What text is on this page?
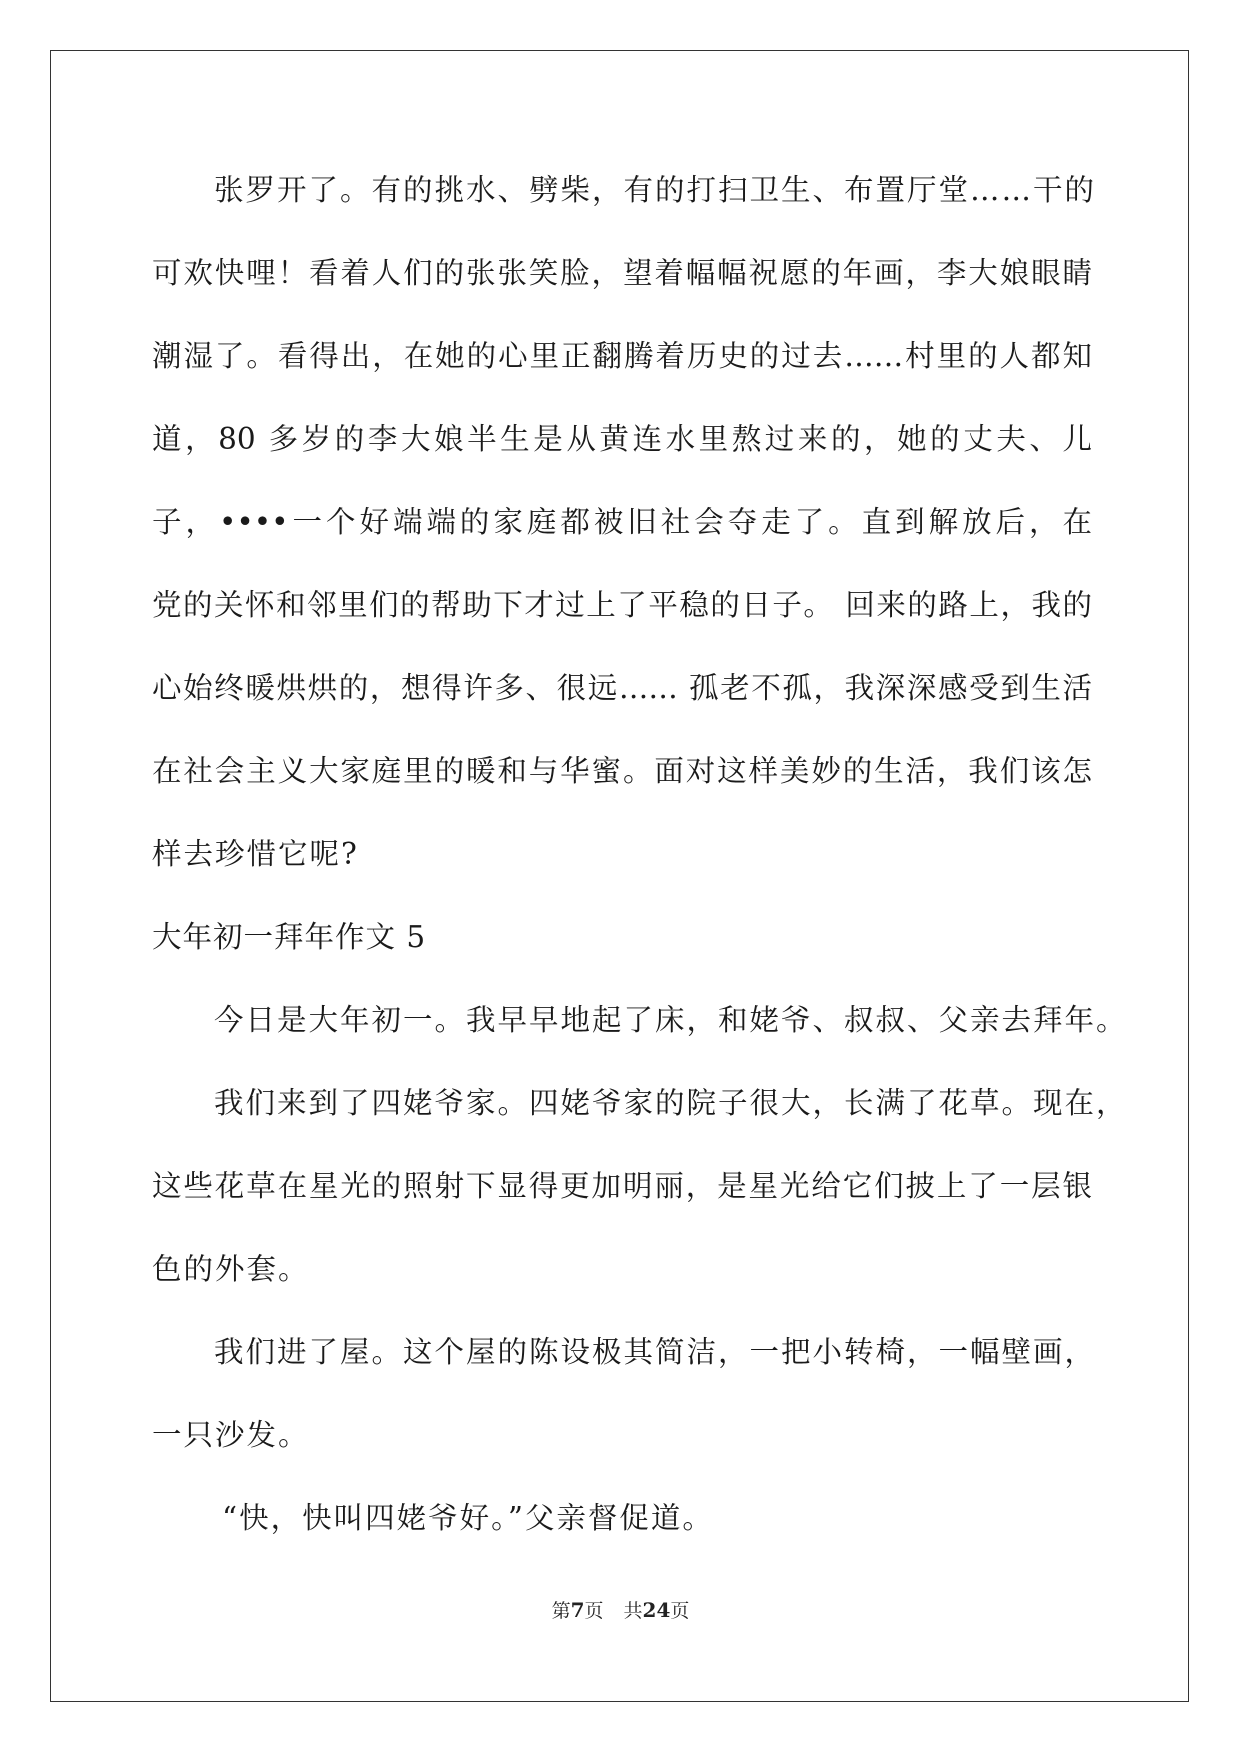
张罗开了。有的挑水、劈柴，有的打扫卫生、布置厅堂……干的
可欢快哩！看着人们的张张笑脸，望着幅幅祝愿的年画，李大娘眼睛
潮湿了。看得出，在她的心里正翻腾着历史的过去……村里的人都知
道，80 多岁的李大娘半生是从黄连水里熬过来的，她的丈夫、儿
子，••••一个好端端的家庭都被旧社会夺走了。直到解放后，在
党的关怀和邻里们的帮助下才过上了平稳的日子。 回来的路上，我的
心始终暖烘烘的，想得许多、很远…… 孤老不孤，我深深感受到生活
在社会主义大家庭里的暖和与华蜜。面对这样美妙的生活，我们该怎
样去珍惜它呢?
大年初一拜年作文 5
今日是大年初一。我早早地起了床，和姥爷、叔叔、父亲去拜年。
我们来到了四姥爷家。四姥爷家的院子很大，长满了花草。现在，
这些花草在星光的照射下显得更加明丽，是星光给它们披上了一层银
色的外套。
我们进了屋。这个屋的陈设极其简洁，一把小转椅，一幅壁画，
一只沙发。
“快，快叫四姥爷好。”父亲督促道。
第7页 共24页
